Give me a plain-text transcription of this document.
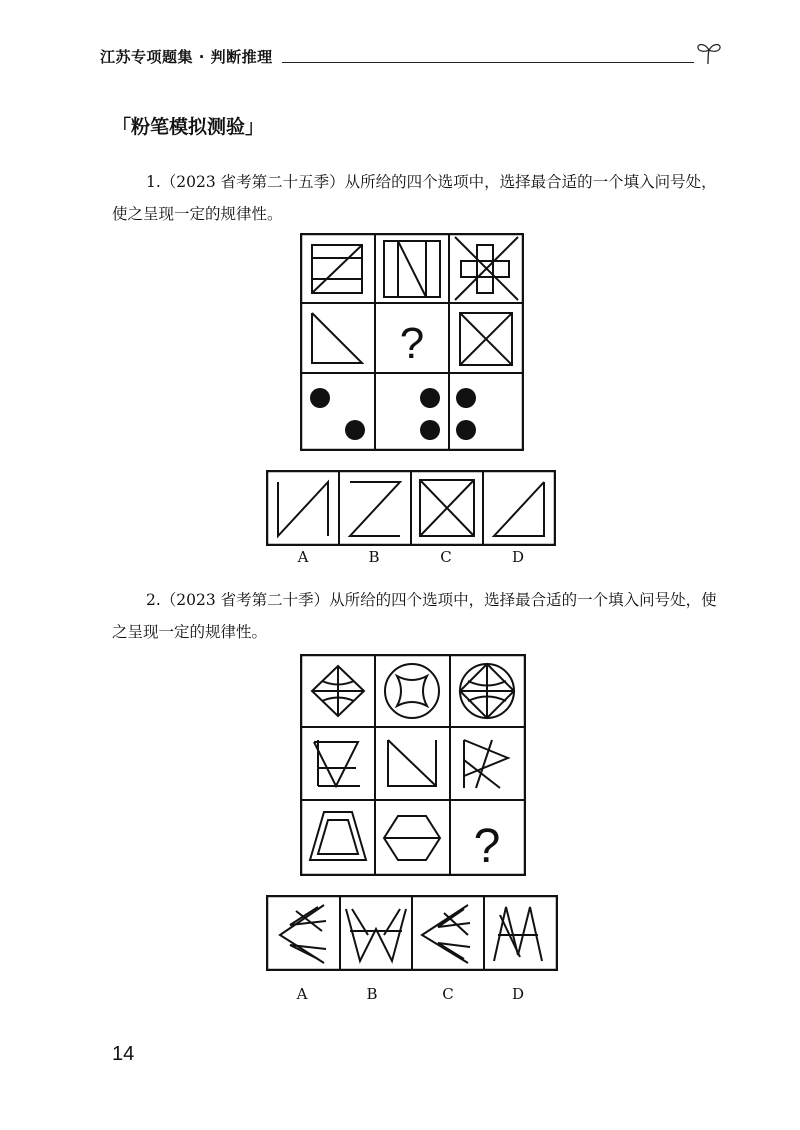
江苏专项题集 · 判断推理
「粉笔模拟测验」

1.（2023 省考第二十五季）从所给的四个选项中，选择最合适的一个填入问号处，使之呈现一定的规律性。

?
A	B	C	D

2.（2023 省考第二十季）从所给的四个选项中，选择最合适的一个填入问号处，使之呈现一定的规律性。

?
A	B	C	D
14
